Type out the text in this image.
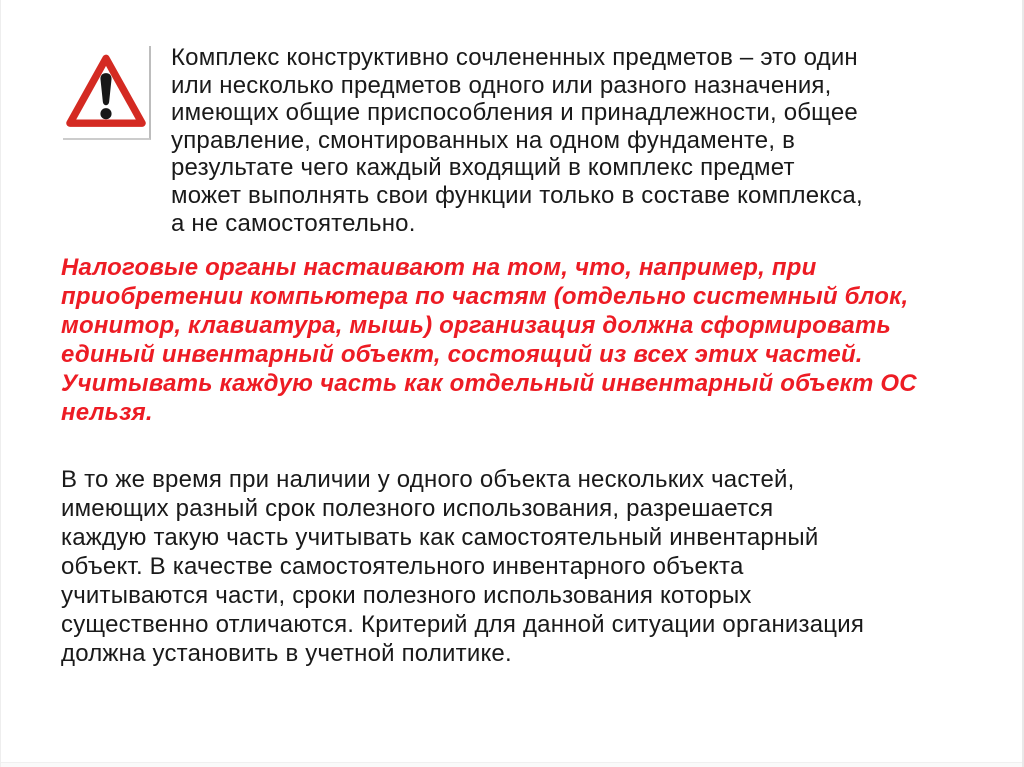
Комплекс конструктивно сочлененных предметов – это один
или несколько предметов одного или разного назначения,
имеющих общие приспособления и принадлежности, общее
управление, смонтированных на одном фундаменте, в
результате чего каждый входящий в комплекс предмет
может выполнять свои функции только в составе комплекса,
а не самостоятельно.
Налоговые органы настаивают на том, что, например, при
приобретении компьютера по частям (отдельно системный блок,
монитор, клавиатура, мышь) организация должна сформировать
единый инвентарный объект, состоящий из всех этих частей.
Учитывать каждую часть как отдельный инвентарный объект ОС
нельзя.
В то же время при наличии у одного объекта нескольких частей,
имеющих разный срок полезного использования, разрешается
каждую такую часть учитывать как самостоятельный инвентарный
объект. В качестве самостоятельного инвентарного объекта
учитываются части, сроки полезного использования которых
существенно отличаются. Критерий для данной ситуации организация
должна установить в учетной политике.
